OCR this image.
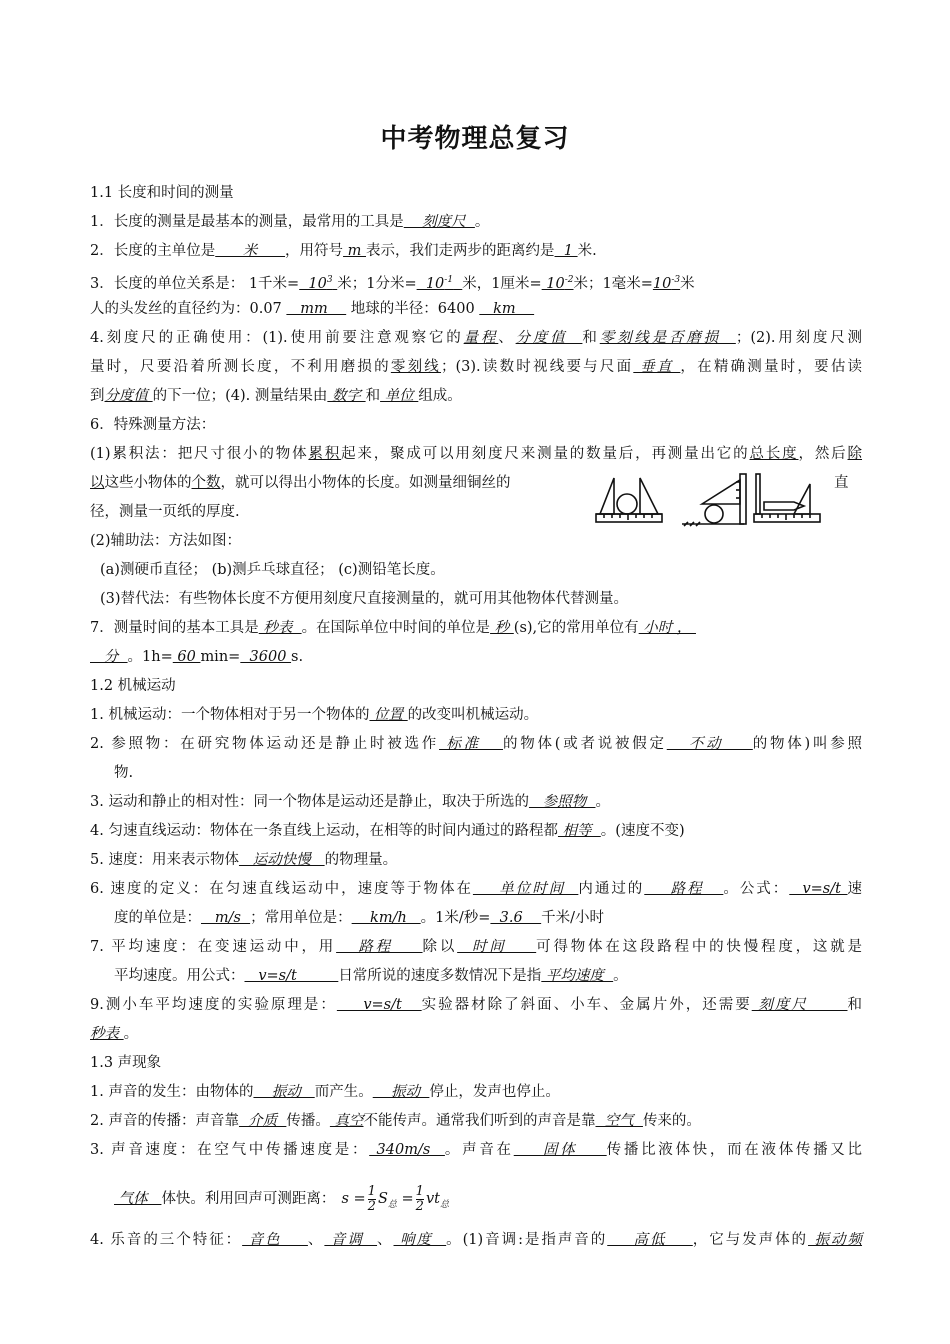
中考物理总复习
1.1 长度和时间的测量
1．长度的测量是最基本的测量，最常用的工具是    刻度尺  。
2．长度的主单位是      米      ，用符号 m 表示，我们走两步的距离约是  1 米.
3．长度的单位关系是： 1千米=  $10^3$ 米；1分米=  $10^{-1}$ 米，1厘米= $10^{-2}$米；1毫米$=10^{-3}$米
人的头发丝的直径约为：0.07    mm     地球的半径：6400    km
4.刻度尺的正确使用：(1).使用前要注意观察它的量程、分度值  和零刻线是否磨损  ；(2).用刻度尺测
量时，尺要沿着所测长度，不利用磨损的零刻线；(3).读数时视线要与尺面 垂直 ，在精确测量时，要估读
到分度值 的下一位；(4). 测量结果由 数字 和 单位 组成。
6．特殊测量方法：
(1)累积法：把尺寸很小的物体累积起来，聚成可以用刻度尺来测量的数量后，再测量出它的总长度，然后除
以这些小物体的个数，就可以得出小物体的长度。如测量细铜丝的	直
径，测量一页纸的厚度.
(2)辅助法：方法如图：
(a)测硬币直径； (b)测乒乓球直径； (c)测铅笔长度。
(3)替代法：有些物体长度不方便用刻度尺直接测量的，就可用其他物体代替测量。
7．测量时间的基本工具是 秒表  。在国际单位中时间的单位是 秒 (s),它的常用单位有 小时 ，
分  。1h= 60 min=  3600 s.
1.2 机械运动
1. 机械运动：一个物体相对于另一个物体的 位置 的改变叫机械运动。
2. 参照物：在研究物体运动还是静止时被选作 标准   的物体(或者说被假定   不动    的物体)叫参照
物.
3. 运动和静止的相对性：同一个物体是运动还是静止，取决于所选的   参照物  。
4. 匀速直线运动：物体在一条直线上运动，在相等的时间内通过的路程都 相等  。(速度不变)
5. 速度：用来表示物体   运动快慢   的物理量。
6. 速度的定义：在匀速直线运动中，速度等于物体在    单位时间  内通过的    路程   。公式：  v=s/t 速
度的单位是：   m/s  ；常用单位是：    km/h   。1米/秒=  3.6    千米/小时
7. 平均速度：在变速运动中，用   路程    除以  时间    可得物体在这段路程中的快慢程度，这就是
平均速度。用公式：   v=s/t         日常所说的速度多数情况下是指 平均速度  。
9.测小车平均速度的实验原理是：    v=s/t   实验器材除了斜面、小车、金属片外，还需要 刻度尺      和
秒表 。
1.3 声现象
1. 声音的发生：由物体的    振动   而产生。    振动  停止，发声也停止。
2. 声音的传播：声音靠  介质  传播。 真空不能传声。通常我们听到的声音是靠  空气  传来的。
3. 声音速度：在空气中传播速度是： 340m/s  。声音在    固体    传播比液体快，而在液体传播又比
气体   体快。利用回声可测距离： $s = \frac{1}{2} S_总 = \frac{1}{2} vt_总$
4. 乐音的三个特征： 音色    、 音调  、 响度  。(1)音调:是指声音的    高低    ，它与发声体的 振动频
